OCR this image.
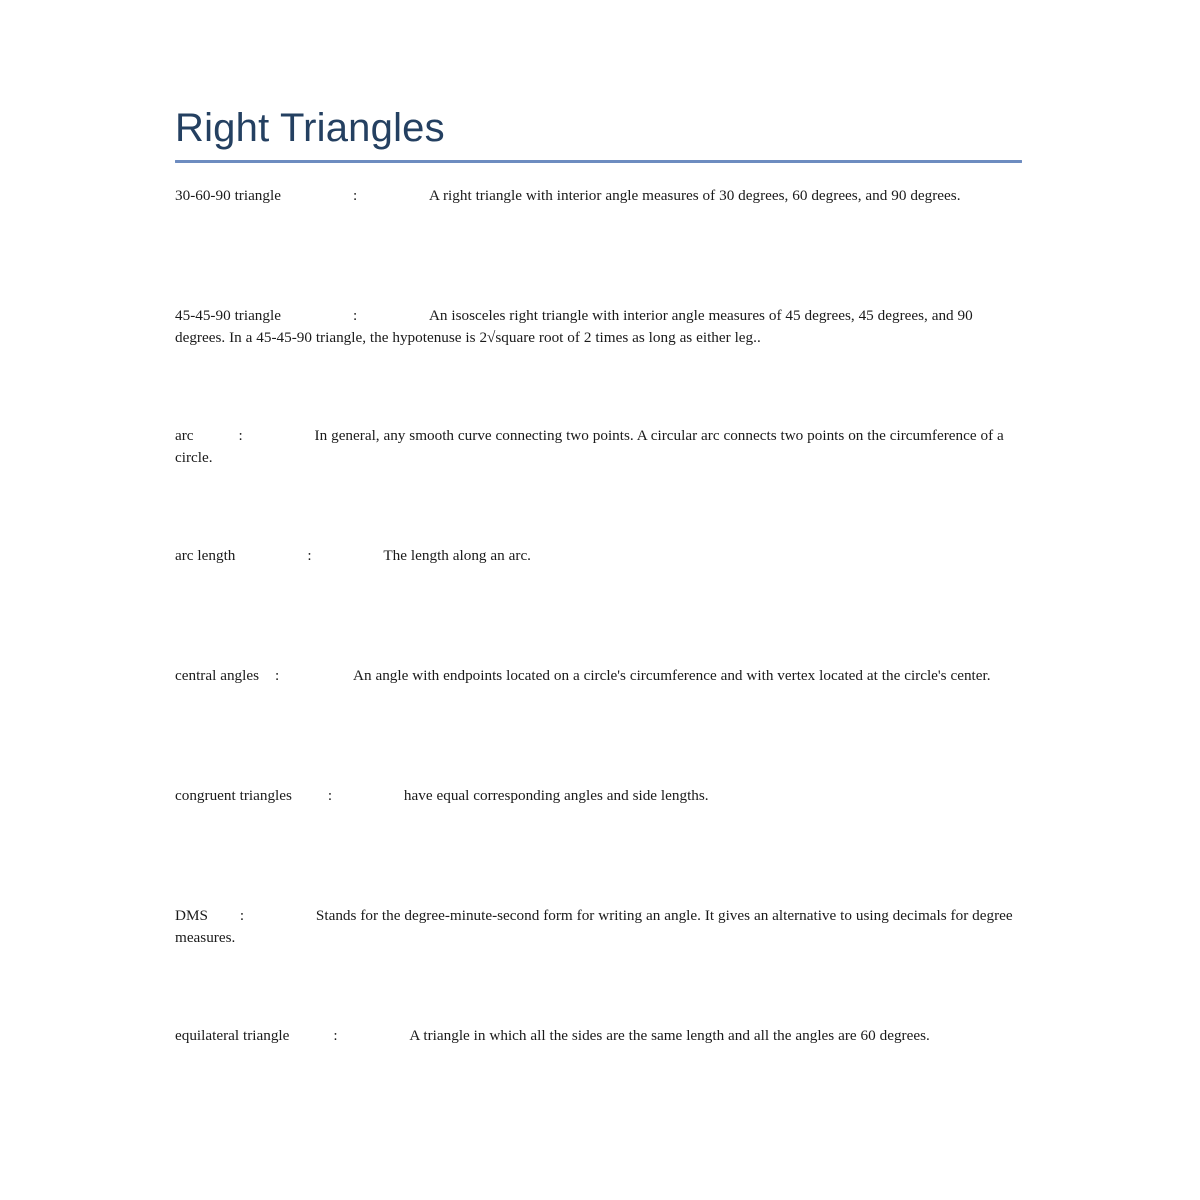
Right Triangles
30-60-90 triangle	:	A right triangle with interior angle measures of 30 degrees, 60 degrees, and 90 degrees.
45-45-90 triangle	:	An isosceles right triangle with interior angle measures of 45 degrees, 45 degrees, and 90 degrees. In a 45-45-90 triangle, the hypotenuse is 2√square root of 2 times as long as either leg..
arc	:	In general, any smooth curve connecting two points. A circular arc connects two points on the circumference of a circle.
arc length	:	The length along an arc.
central angles :	An angle with endpoints located on a circle's circumference and with vertex located at the circle's center.
congruent triangles :	have equal corresponding angles and side lengths.
DMS :	Stands for the degree-minute-second form for writing an angle. It gives an alternative to using decimals for degree measures.
equilateral triangle	:	A triangle in which all the sides are the same length and all the angles are 60 degrees.
